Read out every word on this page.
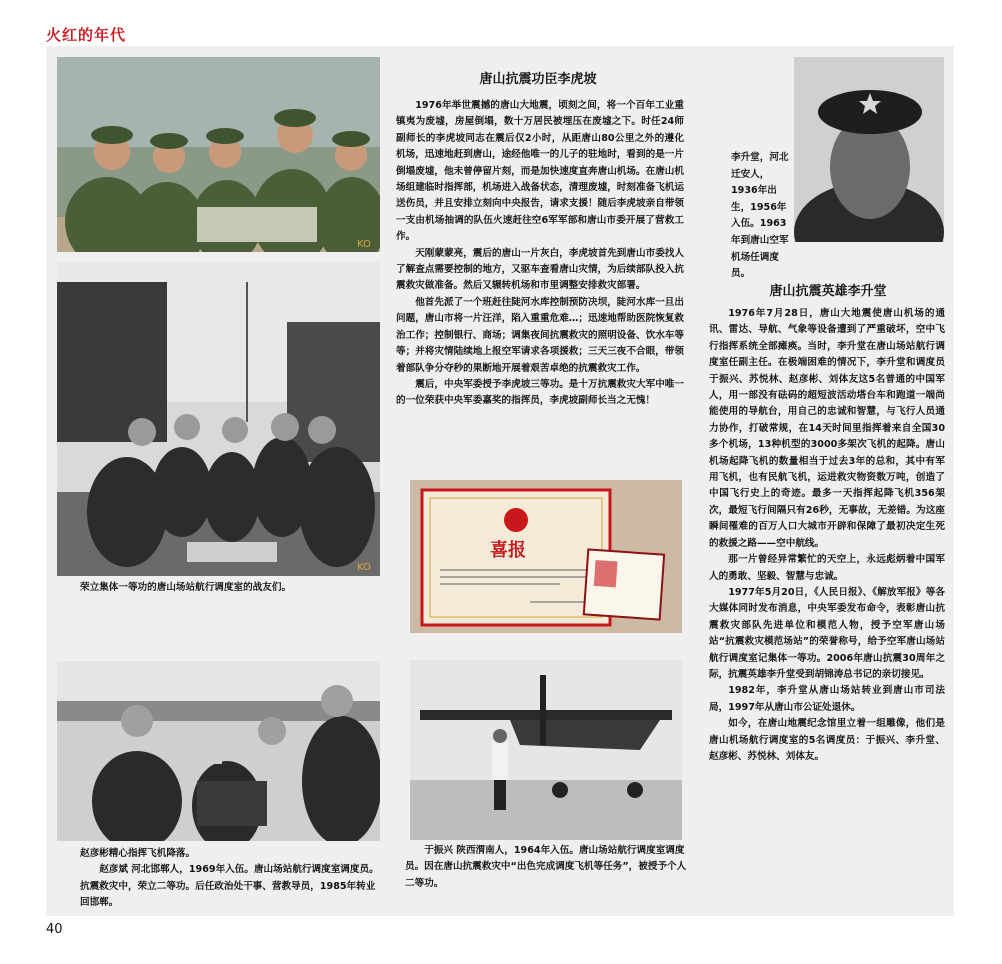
火红的年代
KO
KO

荣立集体一等功的唐山场站航行调度室的战友们。

赵彦彬精心指挥飞机降落。

赵彦斌 河北邯郸人，1969年入伍。唐山场站航行调度室调度员。抗震救灾中，荣立二等功。后任政治处干事、营教导员，1985年转业回邯郸。

唐山抗震功臣李虎坡

1976年举世震撼的唐山大地震，顷刻之间，将一个百年工业重镇夷为废墟，房屋倒塌，数十万居民被埋压在废墟之下。时任24师副师长的李虎坡同志在震后仅2小时，从距唐山80公里之外的遵化机场，迅速地赶到唐山，途经他唯一的儿子的驻地时，看到的是一片倒塌废墟，他未曾停留片刻，而是加快速度直奔唐山机场。在唐山机场组建临时指挥部，机场进入战备状态，清理废墟，时刻准备飞机运送伤员，并且安排立刻向中央报告，请求支援！随后李虎坡亲自带领一支由机场抽调的队伍火速赶往空6军军部和唐山市委开展了营救工作。

天刚蒙蒙亮，震后的唐山一片灰白，李虎坡首先到唐山市委找人了解查点需要控制的地方，又驱车查看唐山灾情，为后续部队投入抗震救灾做准备。然后又辗转机场和市里调整安排救灾部署。

他首先派了一个班赶往陡河水库控制预防决坝，陡河水库一旦出问题，唐山市将一片汪洋，陷入重重危难…；迅速地帮助医院恢复救治工作；控制银行、商场；调集夜间抗震救灾的照明设备、饮水车等等；并将灾情陆续地上报空军请求各项援救；三天三夜不合眼，带领着部队争分夺秒的果断地开展着艰苦卓绝的抗震救灾工作。

震后，中央军委授予李虎坡三等功。是十万抗震救灾大军中唯一的一位荣获中央军委嘉奖的指挥员，李虎坡副师长当之无愧！

喜报

于振兴 陕西渭南人，1964年入伍。唐山场站航行调度室调度员。因在唐山抗震救灾中“出色完成调度飞机等任务”，被授予个人二等功。

李升堂，河北迁安人，1936年出生，1956年入伍。1963年到唐山空军机场任调度员。

唐山抗震英雄李升堂

1976年7月28日，唐山大地震使唐山机场的通讯、雷达、导航、气象等设备遭到了严重破坏，空中飞行指挥系统全部瘫痪。当时，李升堂在唐山场站航行调度室任副主任。在极端困难的情况下，李升堂和调度员于振兴、苏悦林、赵彦彬、刘体友这5名普通的中国军人，用一部没有砝码的超短波活动塔台车和跑道一端尚能使用的导航台，用自己的忠诚和智慧，与飞行人员通力协作，打破常规，在14天时间里指挥着来自全国30多个机场，13种机型的3000多架次飞机的起降。唐山机场起降飞机的数量相当于过去3年的总和，其中有军用飞机，也有民航飞机，运进救灾物资数万吨，创造了中国飞行史上的奇迹。最多一天指挥起降飞机356架次，最短飞行间隔只有26秒，无事故，无差错。为这座瞬间罹难的百万人口大城市开辟和保障了最初决定生死的救援之路——空中航线。

那一片曾经异常繁忙的天空上，永远彪炳着中国军人的勇敢、坚毅、智慧与忠诚。

1977年5月20日，《人民日报》、《解放军报》等各大媒体同时发布消息，中央军委发布命令，表彰唐山抗震救灾部队先进单位和模范人物，授予空军唐山场站“抗震救灾模范场站”的荣誉称号，给予空军唐山场站航行调度室记集体一等功。2006年唐山抗震30周年之际，抗震英雄李升堂受到胡锦涛总书记的亲切接见。

1982年，李升堂从唐山场站转业到唐山市司法局，1997年从唐山市公证处退休。

如今，在唐山地震纪念馆里立着一组雕像，他们是唐山机场航行调度室的5名调度员：于振兴、李升堂、赵彦彬、苏悦林、刘体友。

40
